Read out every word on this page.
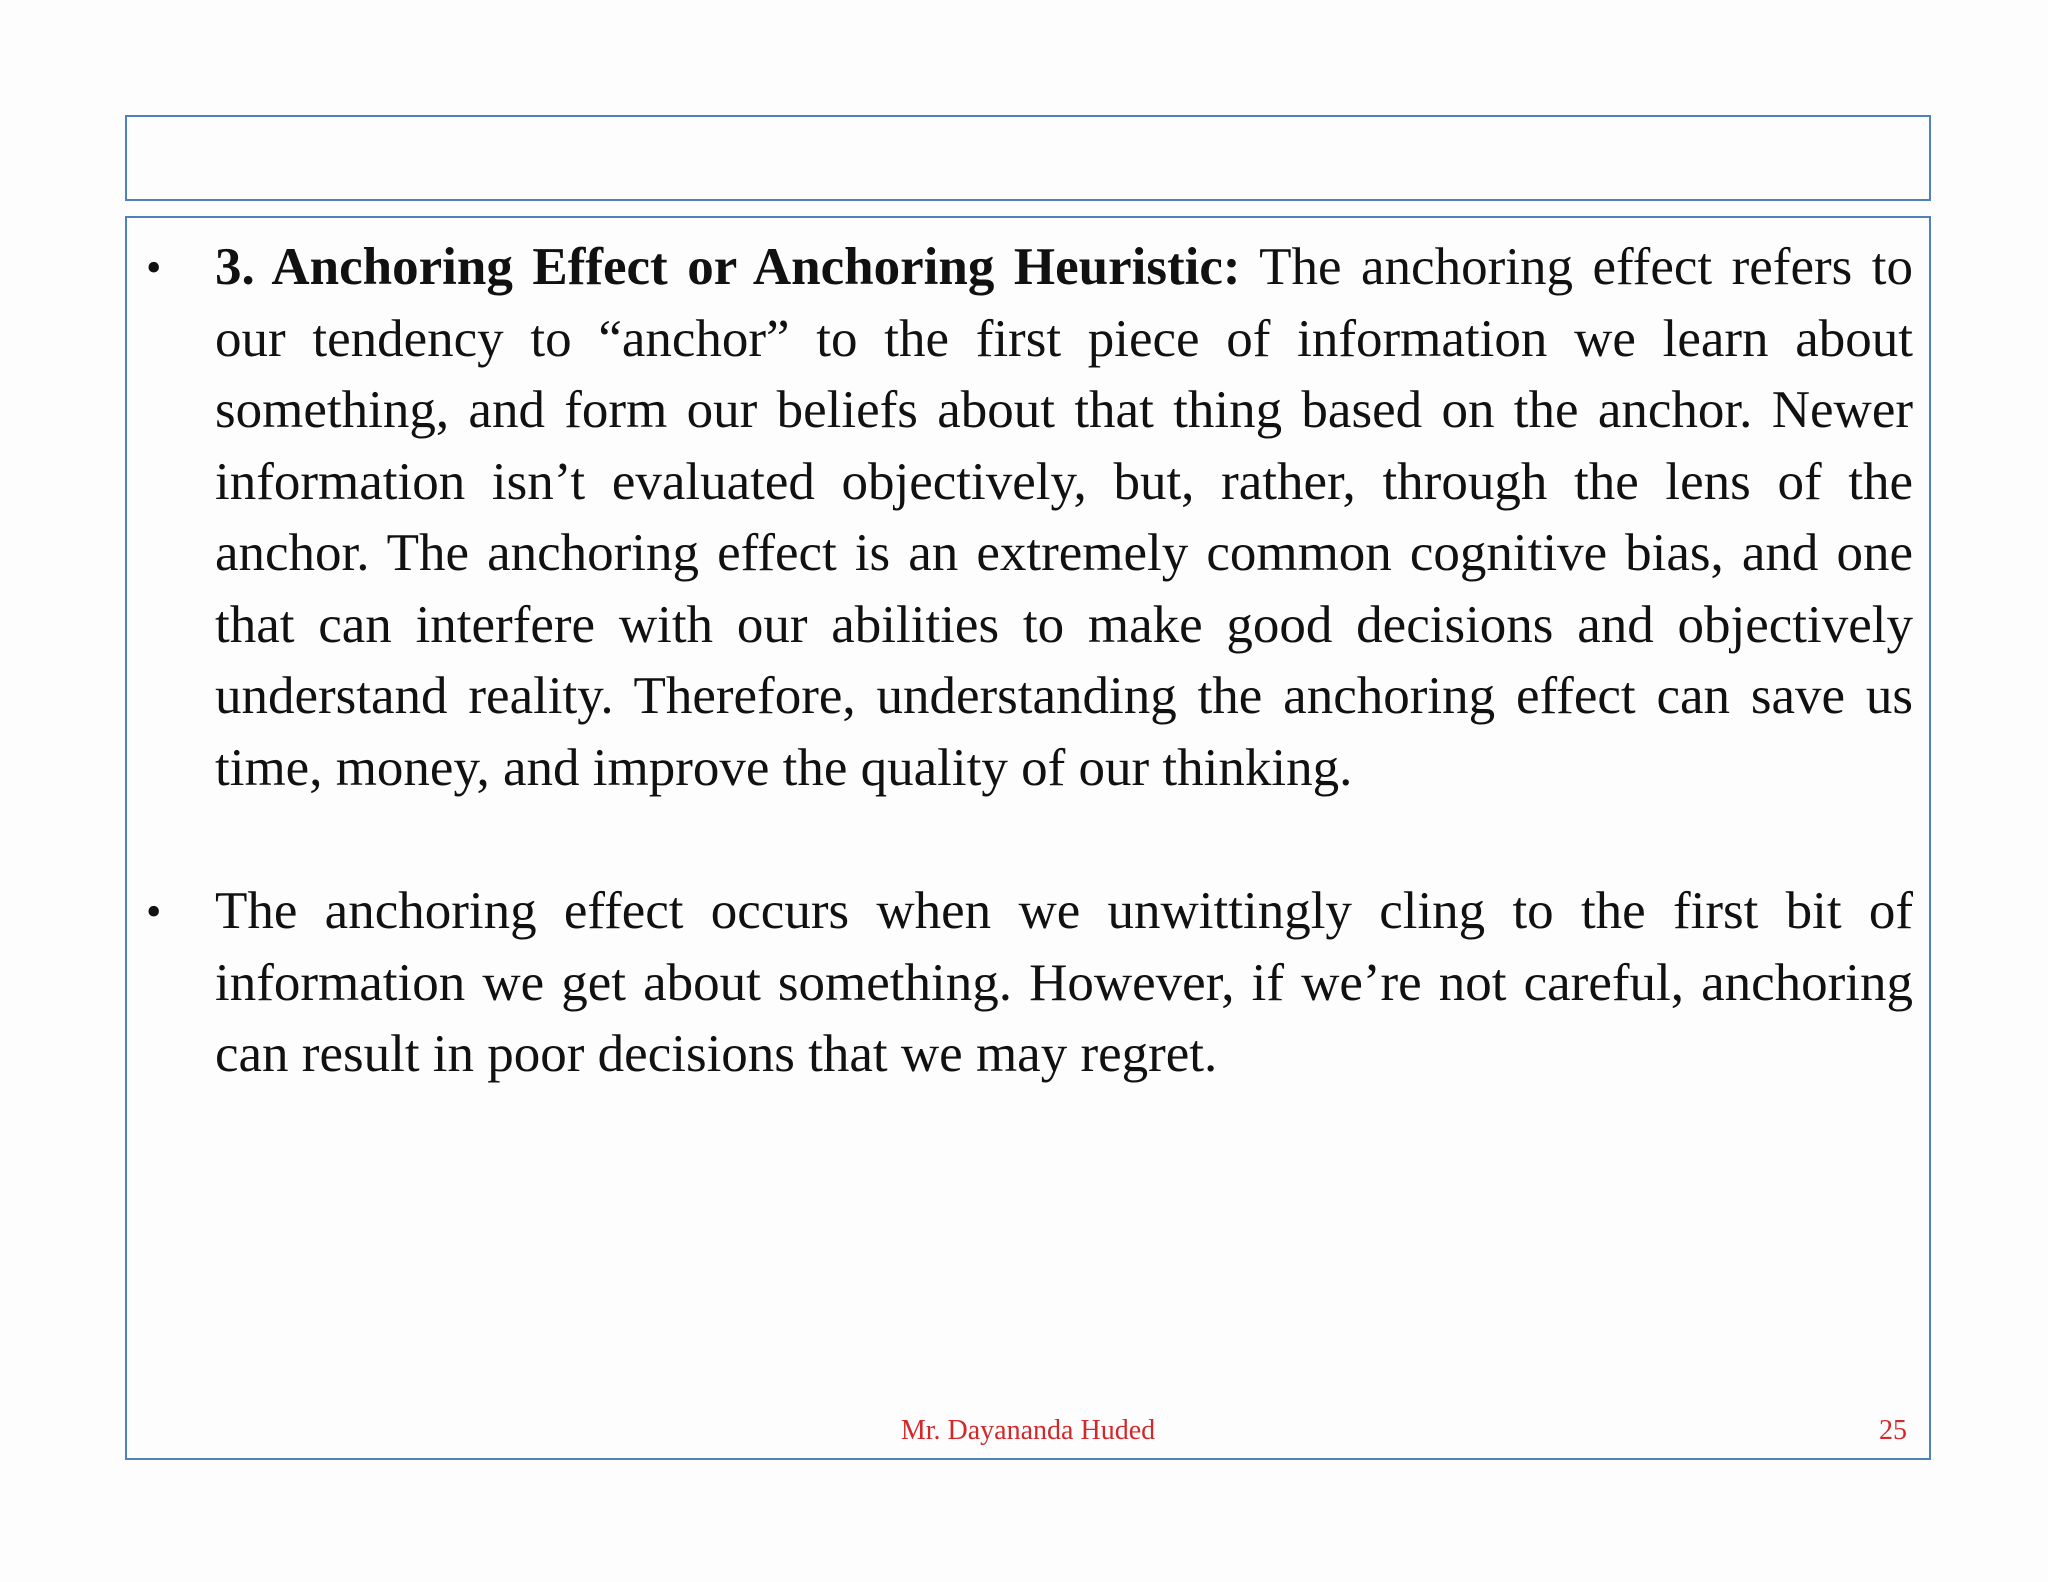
• 3. Anchoring Effect or Anchoring Heuristic: The anchoring effect refers to our tendency to “anchor” to the first piece of information we learn about something, and form our beliefs about that thing based on the anchor. Newer information isn’t evaluated objectively, but, rather, through the lens of the anchor. The anchoring effect is an extremely common cognitive bias, and one that can interfere with our abilities to make good decisions and objectively understand reality. Therefore, understanding the anchoring effect can save us time, money, and improve the quality of our thinking.
• The anchoring effect occurs when we unwittingly cling to the first bit of information we get about something. However, if we’re not careful, anchoring can result in poor decisions that we may regret.
Mr. Dayananda Huded	25
